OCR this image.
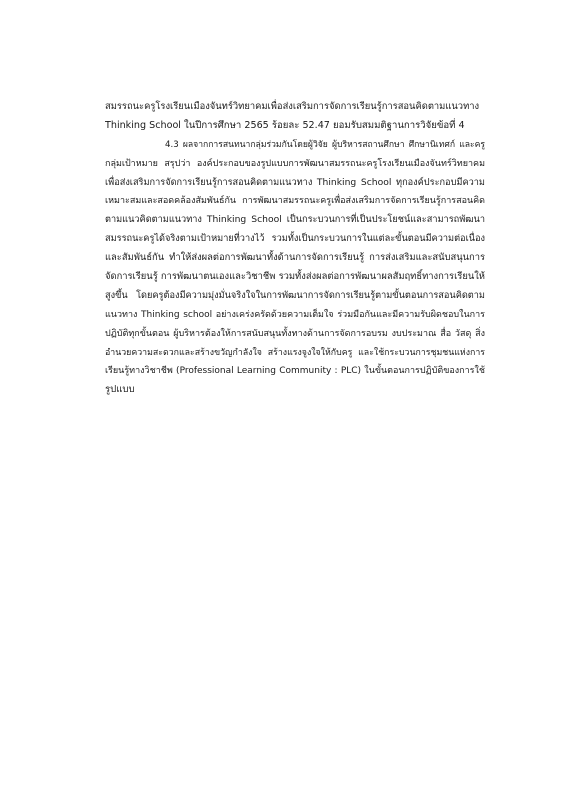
สมรรถนะครูโรงเรียนเมืองจันทร์วิทยาคมเพื่อส่งเสริมการจัดการเรียนรู้การสอนคิดตามแนวทาง
Thinking School ในปีการศึกษา 2565 ร้อยละ 52.47 ยอมรับสมมติฐานการวิจัยข้อที่ 4
4.3 ผลจากการสนทนากลุ่มร่วมกันโดยผู้วิจัย ผู้บริหารสถานศึกษา ศึกษานิเทศก์ และครู
กลุ่มเป้าหมาย สรุปว่า องค์ประกอบของรูปแบบการพัฒนาสมรรถนะครูโรงเรียนเมืองจันทร์วิทยาคม
เพื่อส่งเสริมการจัดการเรียนรู้การสอนคิดตามแนวทาง Thinking School ทุกองค์ประกอบมีความ
เหมาะสมและสอดคล้องสัมพันธ์กัน การพัฒนาสมรรถนะครูเพื่อส่งเสริมการจัดการเรียนรู้การสอนคิด
ตามแนวคิดตามแนวทาง Thinking School เป็นกระบวนการที่เป็นประโยชน์และสามารถพัฒนา
สมรรถนะครูได้จริงตามเป้าหมายที่วางไว้ รวมทั้งเป็นกระบวนการในแต่ละขั้นตอนมีความต่อเนื่อง
และสัมพันธ์กัน ทำให้ส่งผลต่อการพัฒนาทั้งด้านการจัดการเรียนรู้ การส่งเสริมและสนับสนุนการ
จัดการเรียนรู้ การพัฒนาตนเองและวิชาชีพ รวมทั้งส่งผลต่อการพัฒนาผลสัมฤทธิ์ทางการเรียนให้
สูงขึ้น โดยครูต้องมีความมุ่งมั่นจริงใจในการพัฒนาการจัดการเรียนรู้ตามขั้นตอนการสอนคิดตาม
แนวทาง Thinking school อย่างเคร่งครัดด้วยความเต็มใจ ร่วมมือกันและมีความรับผิดชอบในการ
ปฏิบัติทุกขั้นตอน ผู้บริหารต้องให้การสนับสนุนทั้งทางด้านการจัดการอบรม งบประมาณ สื่อ วัสดุ สิ่ง
อำนวยความสะดวกและสร้างขวัญกำลังใจ สร้างแรงจูงใจให้กับครู และใช้กระบวนการชุมชนแห่งการ
เรียนรู้ทางวิชาชีพ (Professional Learning Community : PLC) ในขั้นตอนการปฏิบัติของการใช้
รูปแบบ
